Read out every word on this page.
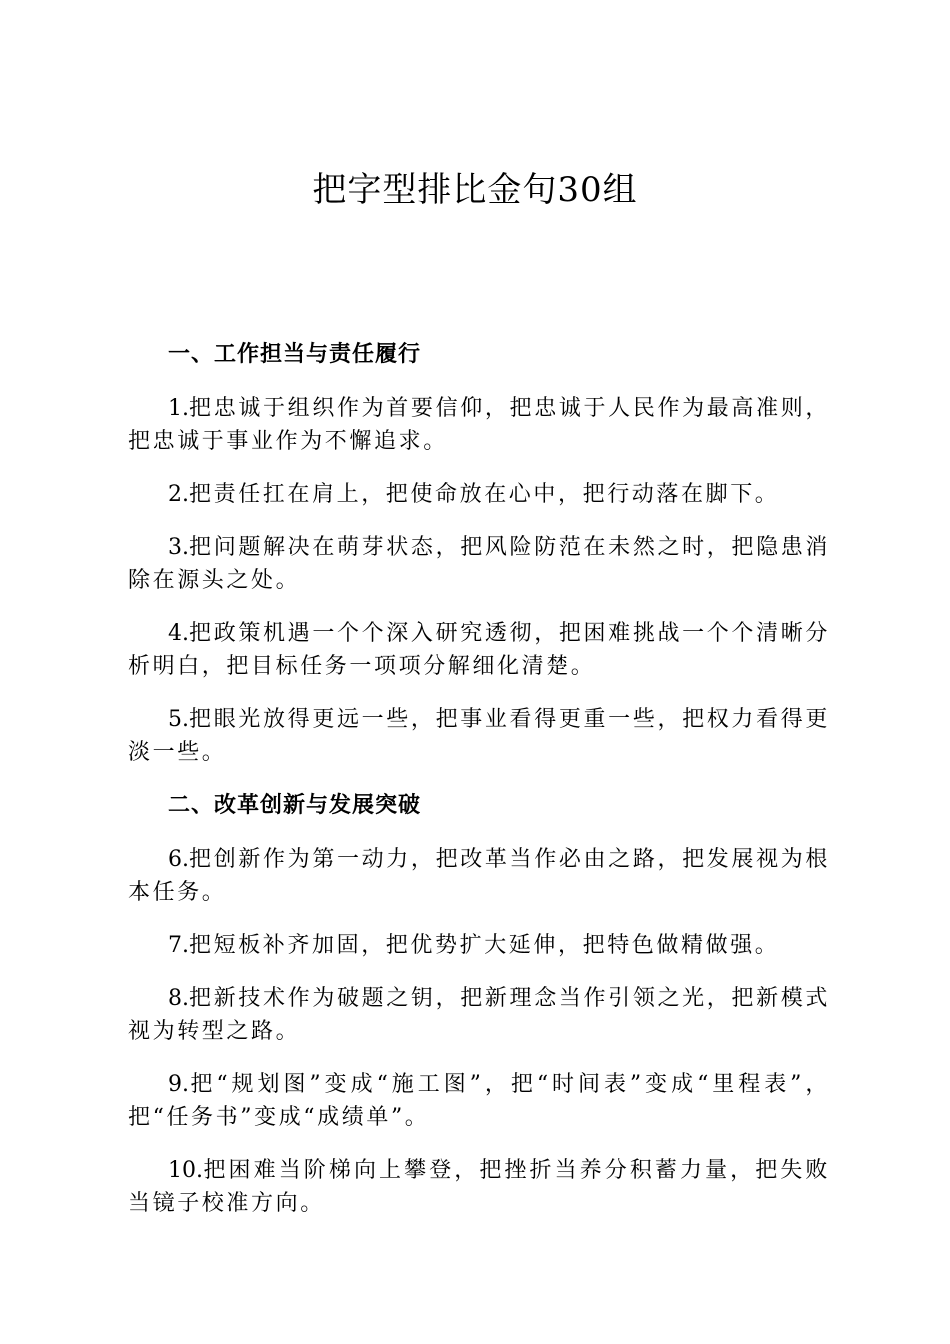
把字型排比金句30组
一、工作担当与责任履行

1.把忠诚于组织作为首要信仰，把忠诚于人民作为最高准则，把忠诚于事业作为不懈追求。

2.把责任扛在肩上，把使命放在心中，把行动落在脚下。

3.把问题解决在萌芽状态，把风险防范在未然之时，把隐患消除在源头之处。

4.把政策机遇一个个深入研究透彻，把困难挑战一个个清晰分析明白，把目标任务一项项分解细化清楚。

5.把眼光放得更远一些，把事业看得更重一些，把权力看得更淡一些。

二、改革创新与发展突破

6.把创新作为第一动力，把改革当作必由之路，把发展视为根本任务。

7.把短板补齐加固，把优势扩大延伸，把特色做精做强。

8.把新技术作为破题之钥，把新理念当作引领之光，把新模式视为转型之路。

9.把“规划图”变成“施工图”，把“时间表”变成“里程表”，把“任务书”变成“成绩单”。

10.把困难当阶梯向上攀登，把挫折当养分积蓄力量，把失败当镜子校准方向。
